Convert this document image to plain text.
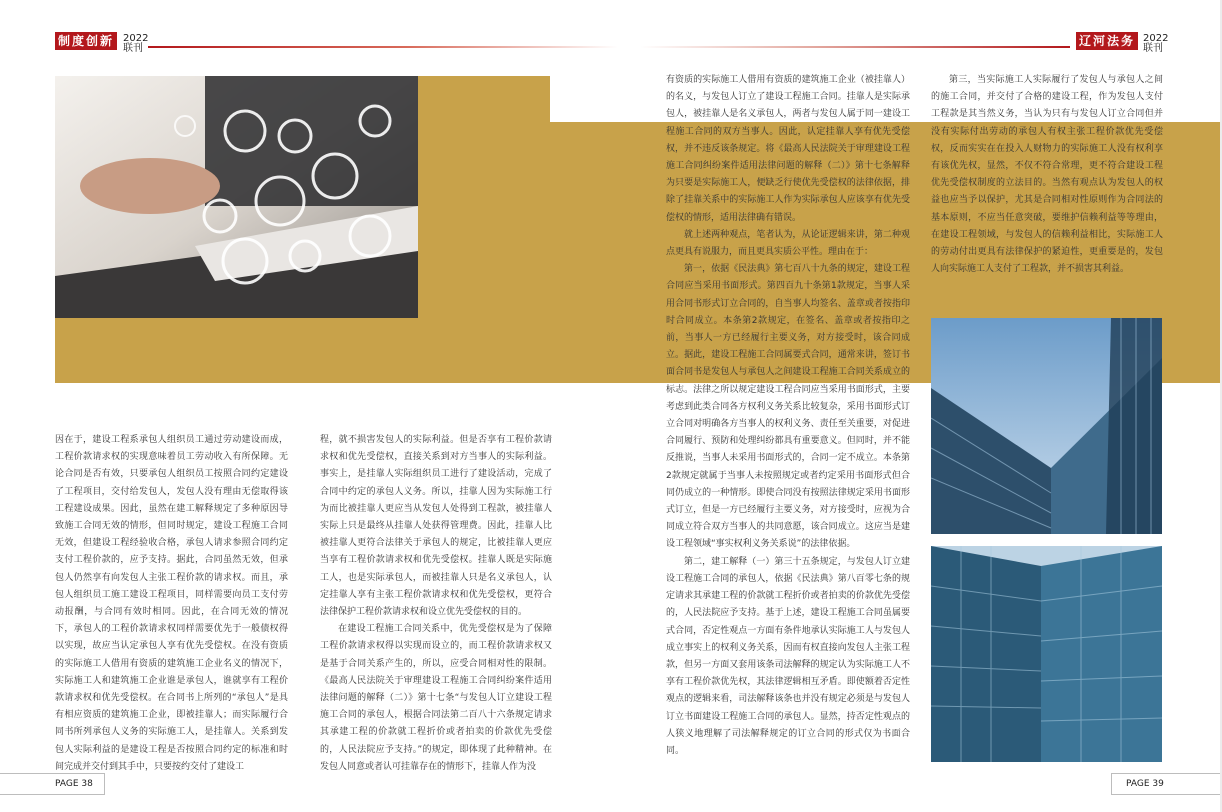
制度创新 2022
联刊
辽河法务 2022
联刊

因在于，建设工程系承包人组织员工通过劳动建设而成，工程价款请求权的实现意味着员工劳动收入有所保障。无论合同是否有效，只要承包人组织员工按照合同约定建设了工程项目，交付给发包人，发包人没有理由无偿取得该工程建设成果。因此，虽然在建工解释规定了多种原因导致施工合同无效的情形，但同时规定，建设工程施工合同无效，但建设工程经验收合格，承包人请求参照合同约定支付工程价款的，应予支持。据此，合同虽然无效，但承包人仍然享有向发包人主张工程价款的请求权。而且，承包人组织员工施工建设工程项目，同样需要向员工支付劳动报酬，与合同有效时相同。因此，在合同无效的情况下，承包人的工程价款请求权同样需要优先于一般债权得以实现，故应当认定承包人享有优先受偿权。在没有资质的实际施工人借用有资质的建筑施工企业名义的情况下，实际施工人和建筑施工企业谁是承包人，谁就享有工程价款请求权和优先受偿权。在合同书上所列的“承包人”是具有相应资质的建筑施工企业，即被挂靠人；而实际履行合同书所列承包人义务的实际施工人，是挂靠人。关系到发包人实际利益的是建设工程是否按照合同约定的标准和时间完成并交付到其手中，只要按约交付了建设工

程，就不损害发包人的实际利益。但是否享有工程价款请求权和优先受偿权，直接关系到对方当事人的实际利益。事实上，是挂靠人实际组织员工进行了建设活动，完成了合同中约定的承包人义务。所以，挂靠人因为实际施工行为而比被挂靠人更应当从发包人处得到工程款，被挂靠人实际上只是最终从挂靠人处获得管理费。因此，挂靠人比被挂靠人更符合法律关于承包人的规定，比被挂靠人更应当享有工程价款请求权和优先受偿权。挂靠人既是实际施工人，也是实际承包人，而被挂靠人只是名义承包人，认定挂靠人享有主张工程价款请求权和优先受偿权，更符合法律保护工程价款请求权和设立优先受偿权的目的。

在建设工程施工合同关系中，优先受偿权是为了保障工程价款请求权得以实现而设立的，而工程价款请求权又是基于合同关系产生的，所以，应受合同相对性的限制。《最高人民法院关于审理建设工程施工合同纠纷案件适用法律问题的解释（二）》第十七条“与发包人订立建设工程施工合同的承包人，根据合同法第二百八十六条规定请求其承建工程的价款就工程折价或者拍卖的价款优先受偿的，人民法院应予支持。”的规定，即体现了此种精神。在发包人同意或者认可挂靠存在的情形下，挂靠人作为没

有资质的实际施工人借用有资质的建筑施工企业（被挂靠人）的名义，与发包人订立了建设工程施工合同。挂靠人是实际承包人，被挂靠人是名义承包人，两者与发包人属于同一建设工程施工合同的双方当事人。因此，认定挂靠人享有优先受偿权，并不违反该条规定。将《最高人民法院关于审理建设工程施工合同纠纷案件适用法律问题的解释（二）》第十七条解释为只要是实际施工人，便缺乏行使优先受偿权的法律依据，排除了挂靠关系中的实际施工人作为实际承包人应该享有优先受偿权的情形，适用法律确有错误。

就上述两种观点，笔者认为，从论证逻辑来讲，第二种观点更具有说服力，而且更具实质公平性。理由在于：

第一，依据《民法典》第七百八十九条的规定，建设工程合同应当采用书面形式。第四百九十条第1款规定，当事人采用合同书形式订立合同的，自当事人均签名、盖章或者按指印时合同成立。本条第2款规定，在签名、盖章或者按指印之前，当事人一方已经履行主要义务，对方接受时，该合同成立。据此，建设工程施工合同属要式合同，通常来讲，签订书面合同书是发包人与承包人之间建设工程施工合同关系成立的标志。法律之所以规定建设工程合同应当采用书面形式，主要考虑到此类合同各方权利义务关系比较复杂，采用书面形式订立合同对明确各方当事人的权利义务、责任至关重要，对促进合同履行、预防和处理纠纷都具有重要意义。但同时，并不能反推说，当事人未采用书面形式的，合同一定不成立。本条第2款规定就属于当事人未按照规定或者约定采用书面形式但合同仍成立的一种情形。即使合同没有按照法律规定采用书面形式订立，但是一方已经履行主要义务，对方接受时，应视为合同成立符合双方当事人的共同意愿，该合同成立。这应当是建设工程领域“事实权利义务关系说”的法律依据。

第二，建工解释（一）第三十五条规定，与发包人订立建设工程施工合同的承包人，依据《民法典》第八百零七条的规定请求其承建工程的价款就工程折价或者拍卖的价款优先受偿的，人民法院应予支持。基于上述，建设工程施工合同虽属要式合同，否定性观点一方面有条件地承认实际施工人与发包人成立事实上的权利义务关系，因而有权直接向发包人主张工程款，但另一方面又套用该条司法解释的规定认为实际施工人不享有工程价款优先权，其法律逻辑相互矛盾。即使额着否定性观点的逻辑来看，司法解释该条也并没有规定必须是与发包人订立书面建设工程施工合同的承包人。显然，持否定性观点的人狭义地理解了司法解释规定的订立合同的形式仅为书面合同。

第三，当实际施工人实际履行了发包人与承包人之间的施工合同，并交付了合格的建设工程，作为发包人支付工程款是其当然义务，当认为只有与发包人订立合同但并没有实际付出劳动的承包人有权主张工程价款优先受偿权，反而实实在在投入人财物力的实际施工人没有权利享有该优先权，显然，不仅不符合常理，更不符合建设工程优先受偿权制度的立法目的。当然有观点认为发包人的权益也应当予以保护，尤其是合同相对性原则作为合同法的基本原则，不应当任意突破，要维护信赖利益等等理由，在建设工程领域，与发包人的信赖利益相比，实际施工人的劳动付出更具有法律保护的紧迫性，更重要是的，发包人向实际施工人支付了工程款，并不损害其利益。

PAGE 38	PAGE 39
